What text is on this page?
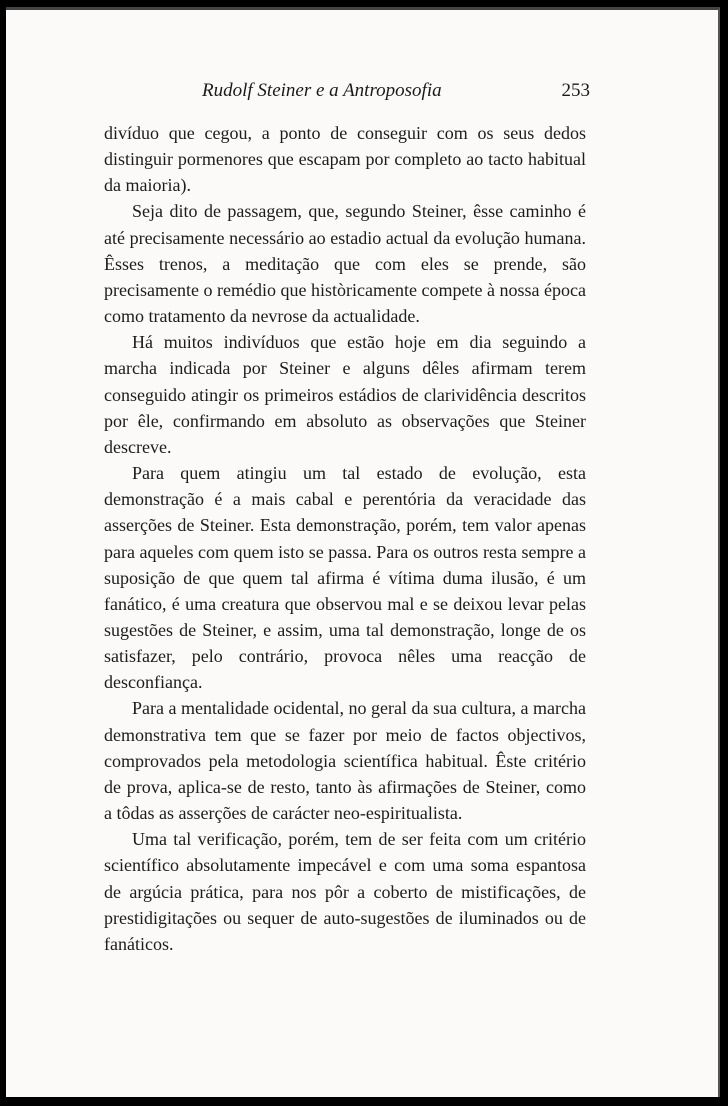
Rudolf Steiner e a Antroposofia	253

divíduo que cegou, a ponto de conseguir com os seus dedos distinguir pormenores que escapam por completo ao tacto habitual da maioria).

Seja dito de passagem, que, segundo Steiner, êsse caminho é até precisamente necessário ao estadio actual da evolução humana. Êsses trenos, a meditação que com eles se prende, são precisamente o remédio que històricamente compete à nossa época como tratamento da nevrose da actualidade.

Há muitos indivíduos que estão hoje em dia seguindo a marcha indicada por Steiner e alguns dêles afirmam terem conseguido atingir os primeiros estádios de clarividência descritos por êle, confirmando em absoluto as observações que Steiner descreve.

Para quem atingiu um tal estado de evolução, esta demonstração é a mais cabal e perentória da veracidade das asserções de Steiner. Esta demonstração, porém, tem valor apenas para aqueles com quem isto se passa. Para os outros resta sempre a suposição de que quem tal afirma é vítima duma ilusão, é um fanático, é uma creatura que observou mal e se deixou levar pelas sugestões de Steiner, e assim, uma tal demonstração, longe de os satisfazer, pelo contrário, provoca nêles uma reacção de desconfiança.

Para a mentalidade ocidental, no geral da sua cultura, a marcha demonstrativa tem que se fazer por meio de factos objectivos, comprovados pela metodologia scientífica habitual. Êste critério de prova, aplica-se de resto, tanto às afirmações de Steiner, como a tôdas as asserções de carácter neo-espiritualista.

Uma tal verificação, porém, tem de ser feita com um critério scientífico absolutamente impecável e com uma soma espantosa de argúcia prática, para nos pôr a coberto de mistificações, de prestidigitações ou sequer de auto-sugestões de iluminados ou de fanáticos.
